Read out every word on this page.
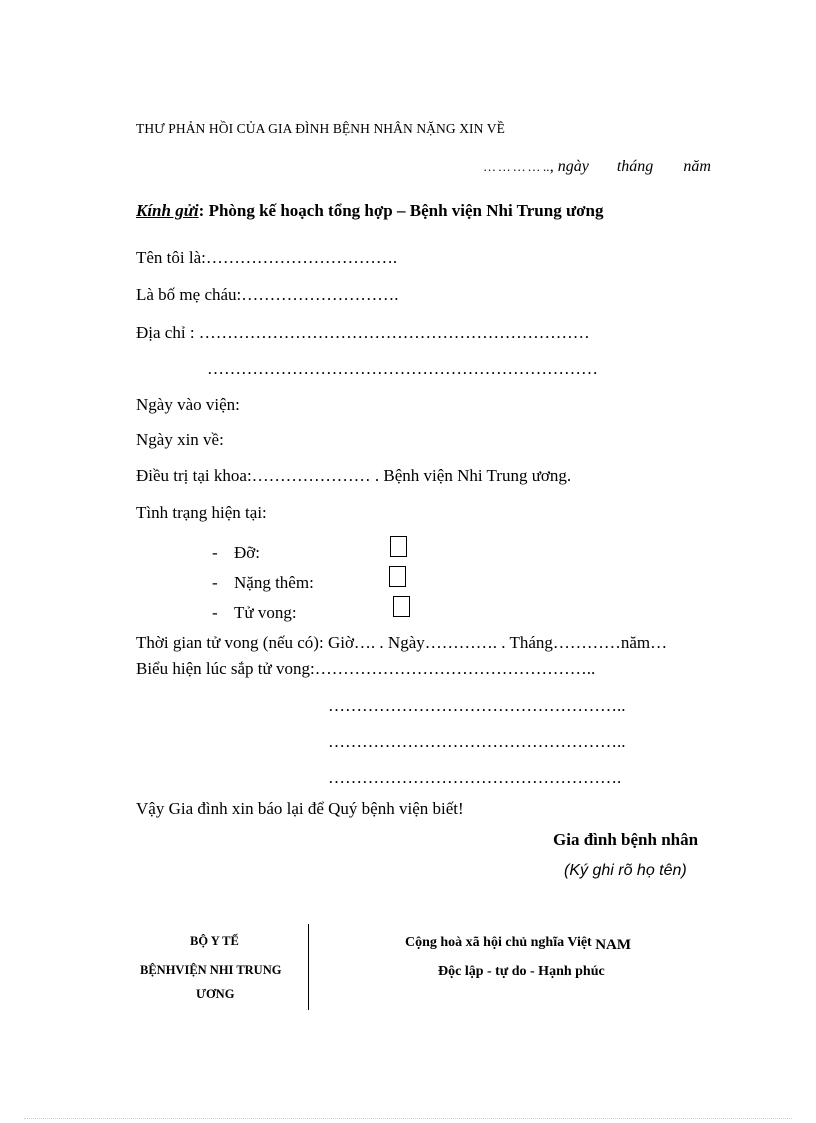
THƯ PHẢN HỒI CỦA GIA ĐÌNH BỆNH NHÂN NẶNG XIN VỀ
… … … … .., ngày tháng năm
Kính gửi: Phòng kế hoạch tổng hợp – Bệnh viện Nhi Trung ương
Tên tôi là:…………………………….
Là bố mẹ cháu:……………………….
Địa chỉ : ……………………………………………………………
……………………………………………………………
Ngày vào viện:
Ngày xin về:
Điều trị tại khoa:………………… . Bệnh viện Nhi Trung ương.
Tình trạng hiện tại:
- Đỡ:
- Nặng thêm:
- Tử vong:
Thời gian tử vong (nếu có): Giờ…. . Ngày…………. . Tháng…………năm…
Biểu hiện lúc sắp tử vong:…………………………………………..
……………………………………………..
……………………………………………..
…………………………………………….
Vậy Gia đình xin báo lại để Quý bệnh viện biết!
Gia đình bệnh nhân
(Ký ghi rõ họ tên)
BỘ Y TẾ
BỆNHVIỆN NHI TRUNG
ƯƠNG
Cộng hoà xã hội chủ nghĩa Việt NAM
Độc lập - tự do - Hạnh phúc
